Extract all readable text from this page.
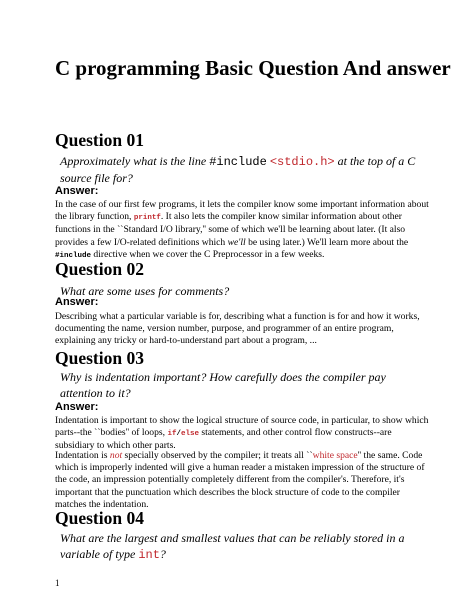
C programming Basic Question And answer
Question 01
Approximately what is the line #include <stdio.h> at the top of a C source file for?
Answer:
In the case of our first few programs, it lets the compiler know some important information about the library function, printf. It also lets the compiler know similar information about other functions in the ``Standard I/O library,'' some of which we'll be learning about later. (It also provides a few I/O-related definitions which we'll be using later.) We'll learn more about the #include directive when we cover the C Preprocessor in a few weeks.
Question 02
What are some uses for comments?
Answer:
Describing what a particular variable is for, describing what a function is for and how it works, documenting the name, version number, purpose, and programmer of an entire program, explaining any tricky or hard-to-understand part about a program, ...
Question 03
Why is indentation important? How carefully does the compiler pay attention to it?
Answer:
Indentation is important to show the logical structure of source code, in particular, to show which parts--the ``bodies'' of loops, if/else statements, and other control flow constructs--are subsidiary to which other parts.
Indentation is not specially observed by the compiler; it treats all ``white space'' the same. Code which is improperly indented will give a human reader a mistaken impression of the structure of the code, an impression potentially completely different from the compiler's. Therefore, it's important that the punctuation which describes the block structure of code to the compiler matches the indentation.
Question 04
What are the largest and smallest values that can be reliably stored in a variable of type int?
1
